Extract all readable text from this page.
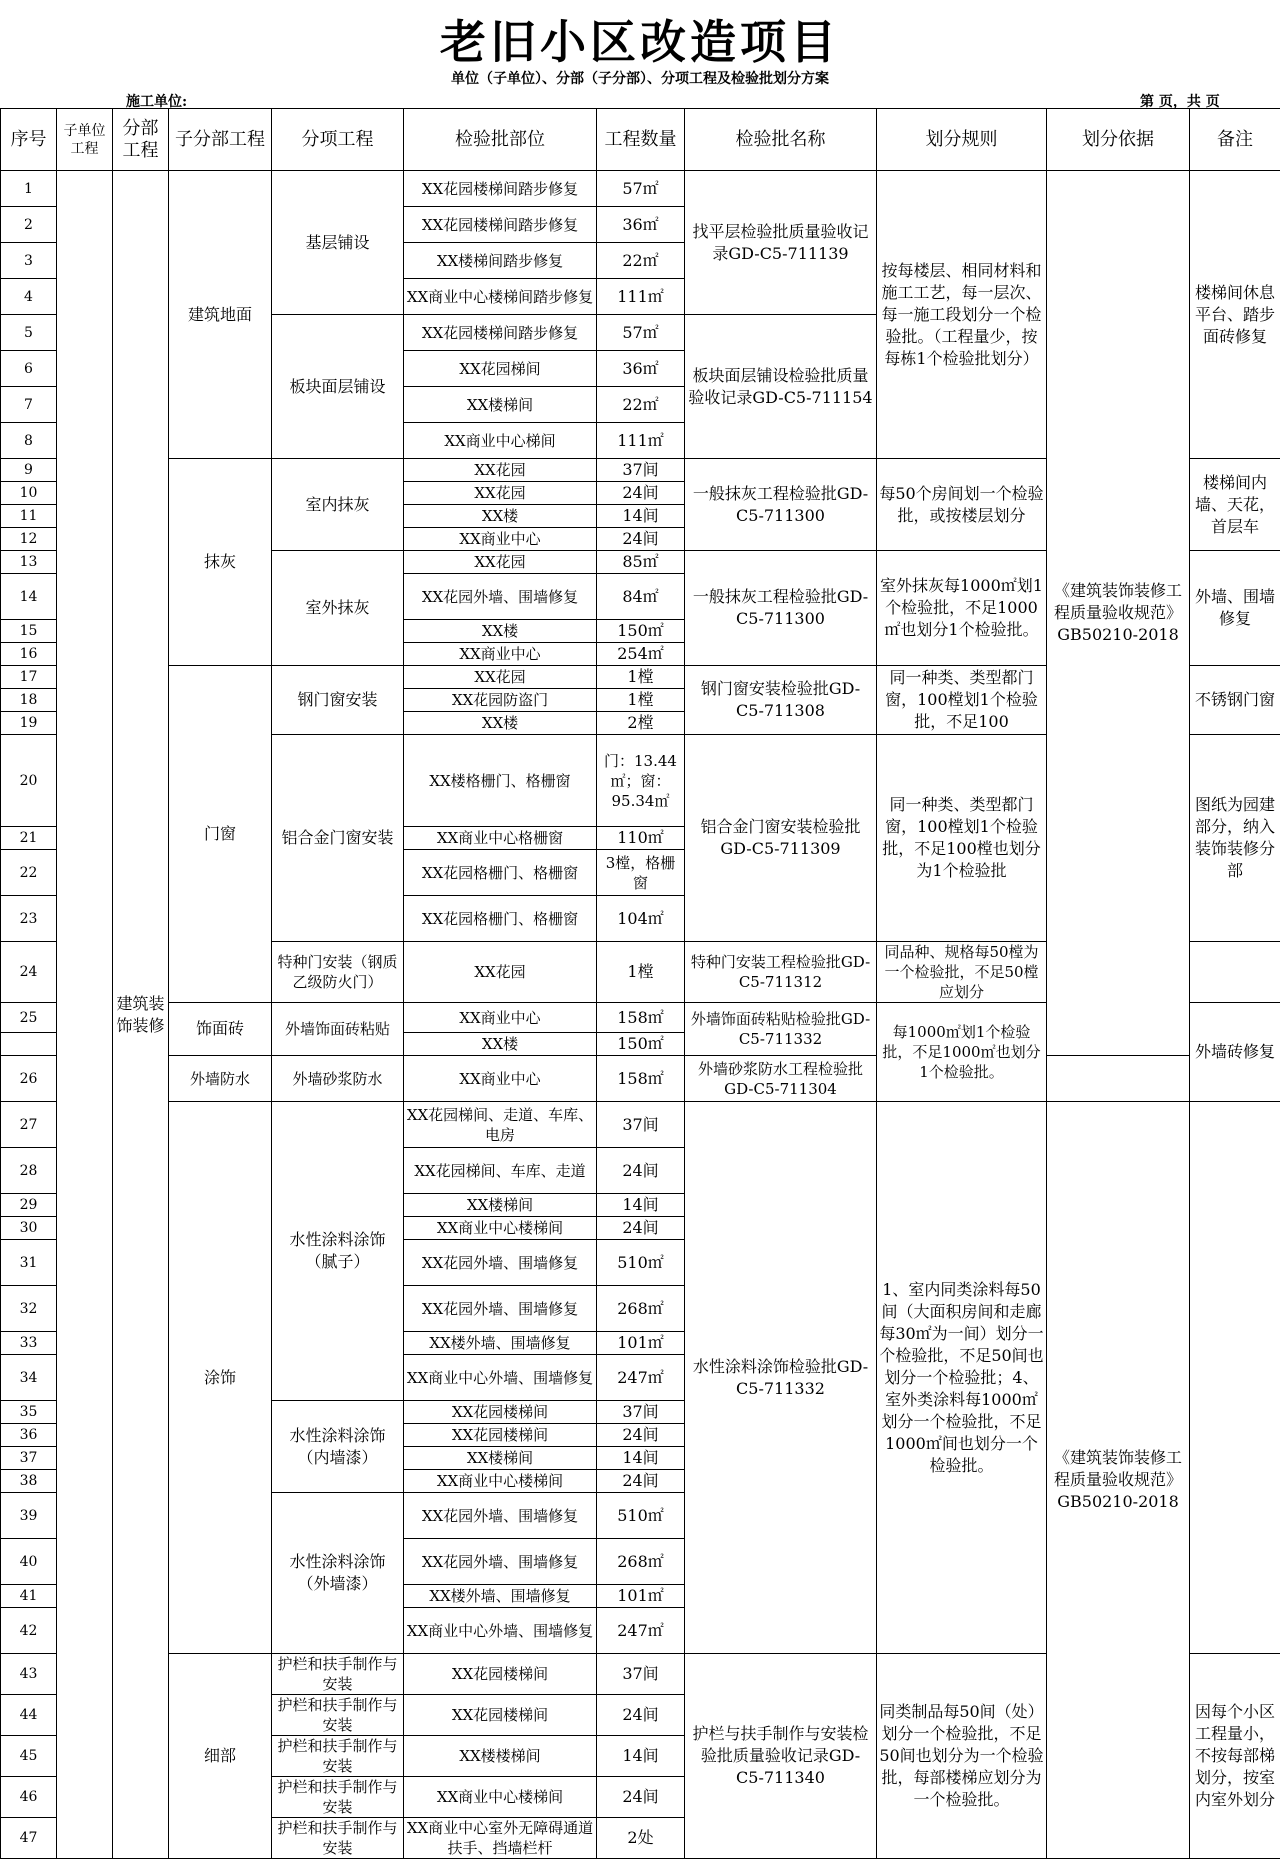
老旧小区改造项目
单位（子单位）、分部（子分部）、分项工程及检验批划分方案
施工单位:	第 页，共 页
序号	子单位工程	分部工程	子分部工程	分项工程	检验批部位	工程数量	检验批名称	划分规则	划分依据	备注
1		建筑装饰装修	建筑地面	基层铺设	XX花园楼梯间踏步修复	57㎡	找平层检验批质量验收记录GD-C5-711139	按每楼层、相同材料和施工工艺，每一层次、每一施工段划分一个检验批。（工程量少，按每栋1个检验批划分）	《建筑装饰装修工程质量验收规范》GB50210-2018	楼梯间休息平台、踏步面砖修复
2					XX花园楼梯间踏步修复	36㎡				
3					XX楼梯间踏步修复	22㎡				
4					XX商业中心楼梯间踏步修复	111㎡				
5				板块面层铺设	XX花园楼梯间踏步修复	57㎡	板块面层铺设检验批质量验收记录GD-C5-711154			
6					XX花园梯间	36㎡				
7					XX楼梯间	22㎡				
8					XX商业中心梯间	111㎡				
9			抹灰	室内抹灰	XX花园	37间	一般抹灰工程检验批GD-C5-711300	每50个房间划一个检验批，或按楼层划分		楼梯间内墙、天花，首层车
10					XX花园	24间				
11					XX楼	14间				
12					XX商业中心	24间				
13				室外抹灰	XX花园	85㎡	一般抹灰工程检验批GD-C5-711300	室外抹灰每1000㎡划1个检验批，不足1000㎡也划分1个检验批。		外墙、围墙修复
14					XX花园外墙、围墙修复	84㎡				
15					XX楼	150㎡				
16					XX商业中心	254㎡				
17			门窗	钢门窗安装	XX花园	1樘	钢门窗安装检验批GD-C5-711308	同一种类、类型都门窗，100樘划1个检验批，不足100		不锈钢门窗
18					XX花园防盗门	1樘				
19					XX楼	2樘				
20				铝合金门窗安装	XX楼格栅门、格栅窗	门：13.44㎡；窗：95.34㎡	铝合金门窗安装检验批GD-C5-711309	同一种类、类型都门窗，100樘划1个检验批，不足100樘也划分为1个检验批		图纸为园建部分，纳入装饰装修分部
21					XX商业中心格栅窗	110㎡				
22					XX花园格栅门、格栅窗	3樘，格栅窗				
23					XX花园格栅门、格栅窗	104㎡				
24				特种门安装（钢质乙级防火门）	XX花园	1樘	特种门安装工程检验批GD-C5-711312	同品种、规格每50樘为一个检验批，不足50樘应划分		
25			饰面砖	外墙饰面砖粘贴	XX商业中心	158㎡	外墙饰面砖粘贴检验批GD-C5-711332	每1000㎡划1个检验批，不足1000㎡也划分1个检验批。		外墙砖修复
					XX楼	150㎡				
26			外墙防水	外墙砂浆防水	XX商业中心	158㎡	外墙砂浆防水工程检验批GD-C5-711304			
27			涂饰	水性涂料涂饰（腻子）	XX花园梯间、走道、车库、电房	37间	水性涂料涂饰检验批GD-C5-711332	1、室内同类涂料每50间（大面积房间和走廊每30㎡为一间）划分一个检验批，不足50间也划分一个检验批；4、室外类涂料每1000㎡划分一个检验批，不足1000㎡间也划分一个检验批。	《建筑装饰装修工程质量验收规范》GB50210-2018	
28					XX花园梯间、车库、走道	24间				
29					XX楼梯间	14间				
30					XX商业中心楼梯间	24间				
31					XX花园外墙、围墙修复	510㎡				
32					XX花园外墙、围墙修复	268㎡				
33					XX楼外墙、围墙修复	101㎡				
34					XX商业中心外墙、围墙修复	247㎡				
35				水性涂料涂饰（内墙漆）	XX花园楼梯间	37间				
36					XX花园楼梯间	24间				
37					XX楼梯间	14间				
38					XX商业中心楼梯间	24间				
39				水性涂料涂饰（外墙漆）	XX花园外墙、围墙修复	510㎡				
40					XX花园外墙、围墙修复	268㎡				
41					XX楼外墙、围墙修复	101㎡				
42					XX商业中心外墙、围墙修复	247㎡				
43			细部	护栏和扶手制作与安装	XX花园楼梯间	37间	护栏与扶手制作与安装检验批质量验收记录GD-C5-711340	同类制品每50间（处）划分一个检验批，不足50间也划分为一个检验批，每部楼梯应划分为一个检验批。		因每个小区工程量小，不按每部梯划分，按室内室外划分
44				护栏和扶手制作与安装	XX花园楼梯间	24间				
45				护栏和扶手制作与安装	XX楼楼梯间	14间				
46				护栏和扶手制作与安装	XX商业中心楼梯间	24间				
47				护栏和扶手制作与安装	XX商业中心室外无障碍通道扶手、挡墙栏杆	2处				
